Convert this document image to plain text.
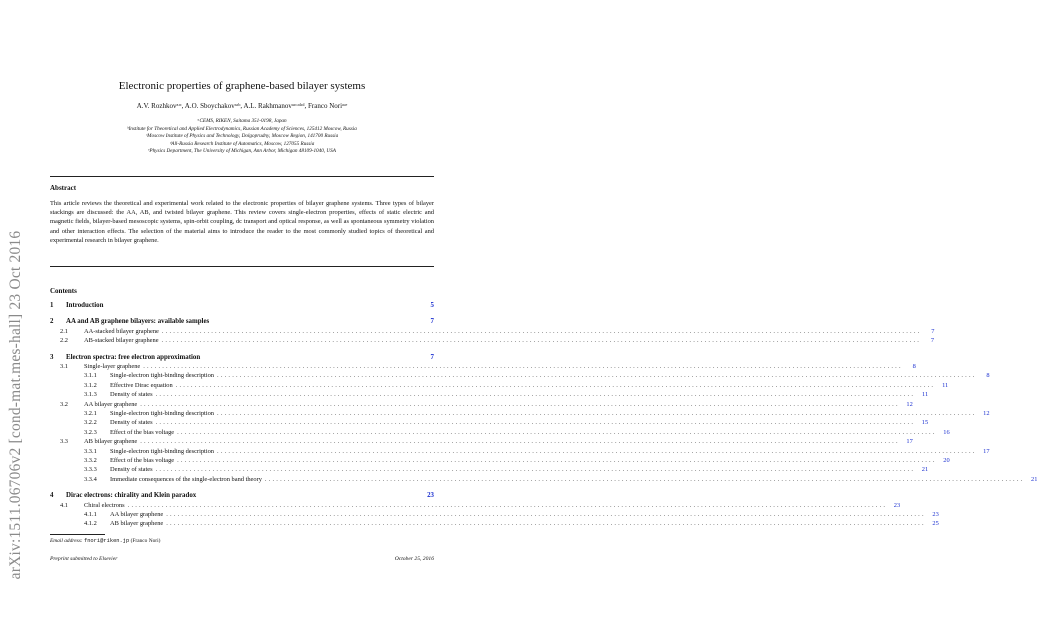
arXiv:1511.06706v2 [cond-mat.mes-hall] 23 Oct 2016
Electronic properties of graphene-based bilayer systems
A.V. Rozhkovᵃʴᶜ, A.O. Sboychakovᵃʴᵇ, A.L. Rakhmanovᵃʴᶜʴᵈʴᵈ, Franco Noriᵃʴᵉ
ᵃCEMS, RIKEN, Saitama 351-0198, Japan
ᵇInstitute for Theoretical and Applied Electrodynamics, Russian Academy of Sciences, 125412 Moscow, Russia
ᶜMoscow Institute of Physics and Technology, Dolgoprudny, Moscow Region, 141700 Russia
ᵈAll-Russia Research Institute of Automatics, Moscow, 127055 Russia
ᵉPhysics Department, The University of Michigan, Ann Arbor, Michigan 48109-1040, USA
Abstract
This article reviews the theoretical and experimental work related to the electronic properties of bilayer graphene systems. Three types of bilayer stackings are discussed: the AA, AB, and twisted bilayer graphene. This review covers single-electron properties, effects of static electric and magnetic fields, bilayer-based mesoscopic systems, spin-orbit coupling, dc transport and optical response, as well as spontaneous symmetry violation and other interaction effects. The selection of the material aims to introduce the reader to the most commonly studied topics of theoretical and experimental research in bilayer graphene.
Contents
1	Introduction	5
2	AA and AB graphene bilayers: available samples	7
2.1	AA-stacked bilayer graphene ........................................................................................................................................................................................................	7
2.2	AB-stacked bilayer graphene ........................................................................................................................................................................................................	7
3	Electron spectra: free electron approximation	7
3.1	Single-layer graphene ........................................................................................................................................................................................................	8
3.1.1	Single-electron tight-binding description ........................................................................................................................................................................................................	8
3.1.2	Effective Dirac equation ........................................................................................................................................................................................................	11
3.1.3	Density of states ........................................................................................................................................................................................................	11
3.2	AA bilayer graphene ........................................................................................................................................................................................................	12
3.2.1	Single-electron tight-binding description ........................................................................................................................................................................................................	12
3.2.2	Density of states ........................................................................................................................................................................................................	15
3.2.3	Effect of the bias voltage ........................................................................................................................................................................................................	16
3.3	AB bilayer graphene ........................................................................................................................................................................................................	17
3.3.1	Single-electron tight-binding description ........................................................................................................................................................................................................	17
3.3.2	Effect of the bias voltage ........................................................................................................................................................................................................	20
3.3.3	Density of states ........................................................................................................................................................................................................	21
3.3.4	Immediate consequences of the single-electron band theory ........................................................................................................................................................................................................	21
4	Dirac electrons: chirality and Klein paradox	23
4.1	Chiral electrons ........................................................................................................................................................................................................	23
4.1.1	AA bilayer graphene ........................................................................................................................................................................................................	23
4.1.2	AB bilayer graphene ........................................................................................................................................................................................................	25
Email address: fnori@riken.jp (Franco Nori)
Preprint submitted to Elsevier	October 25, 2016
